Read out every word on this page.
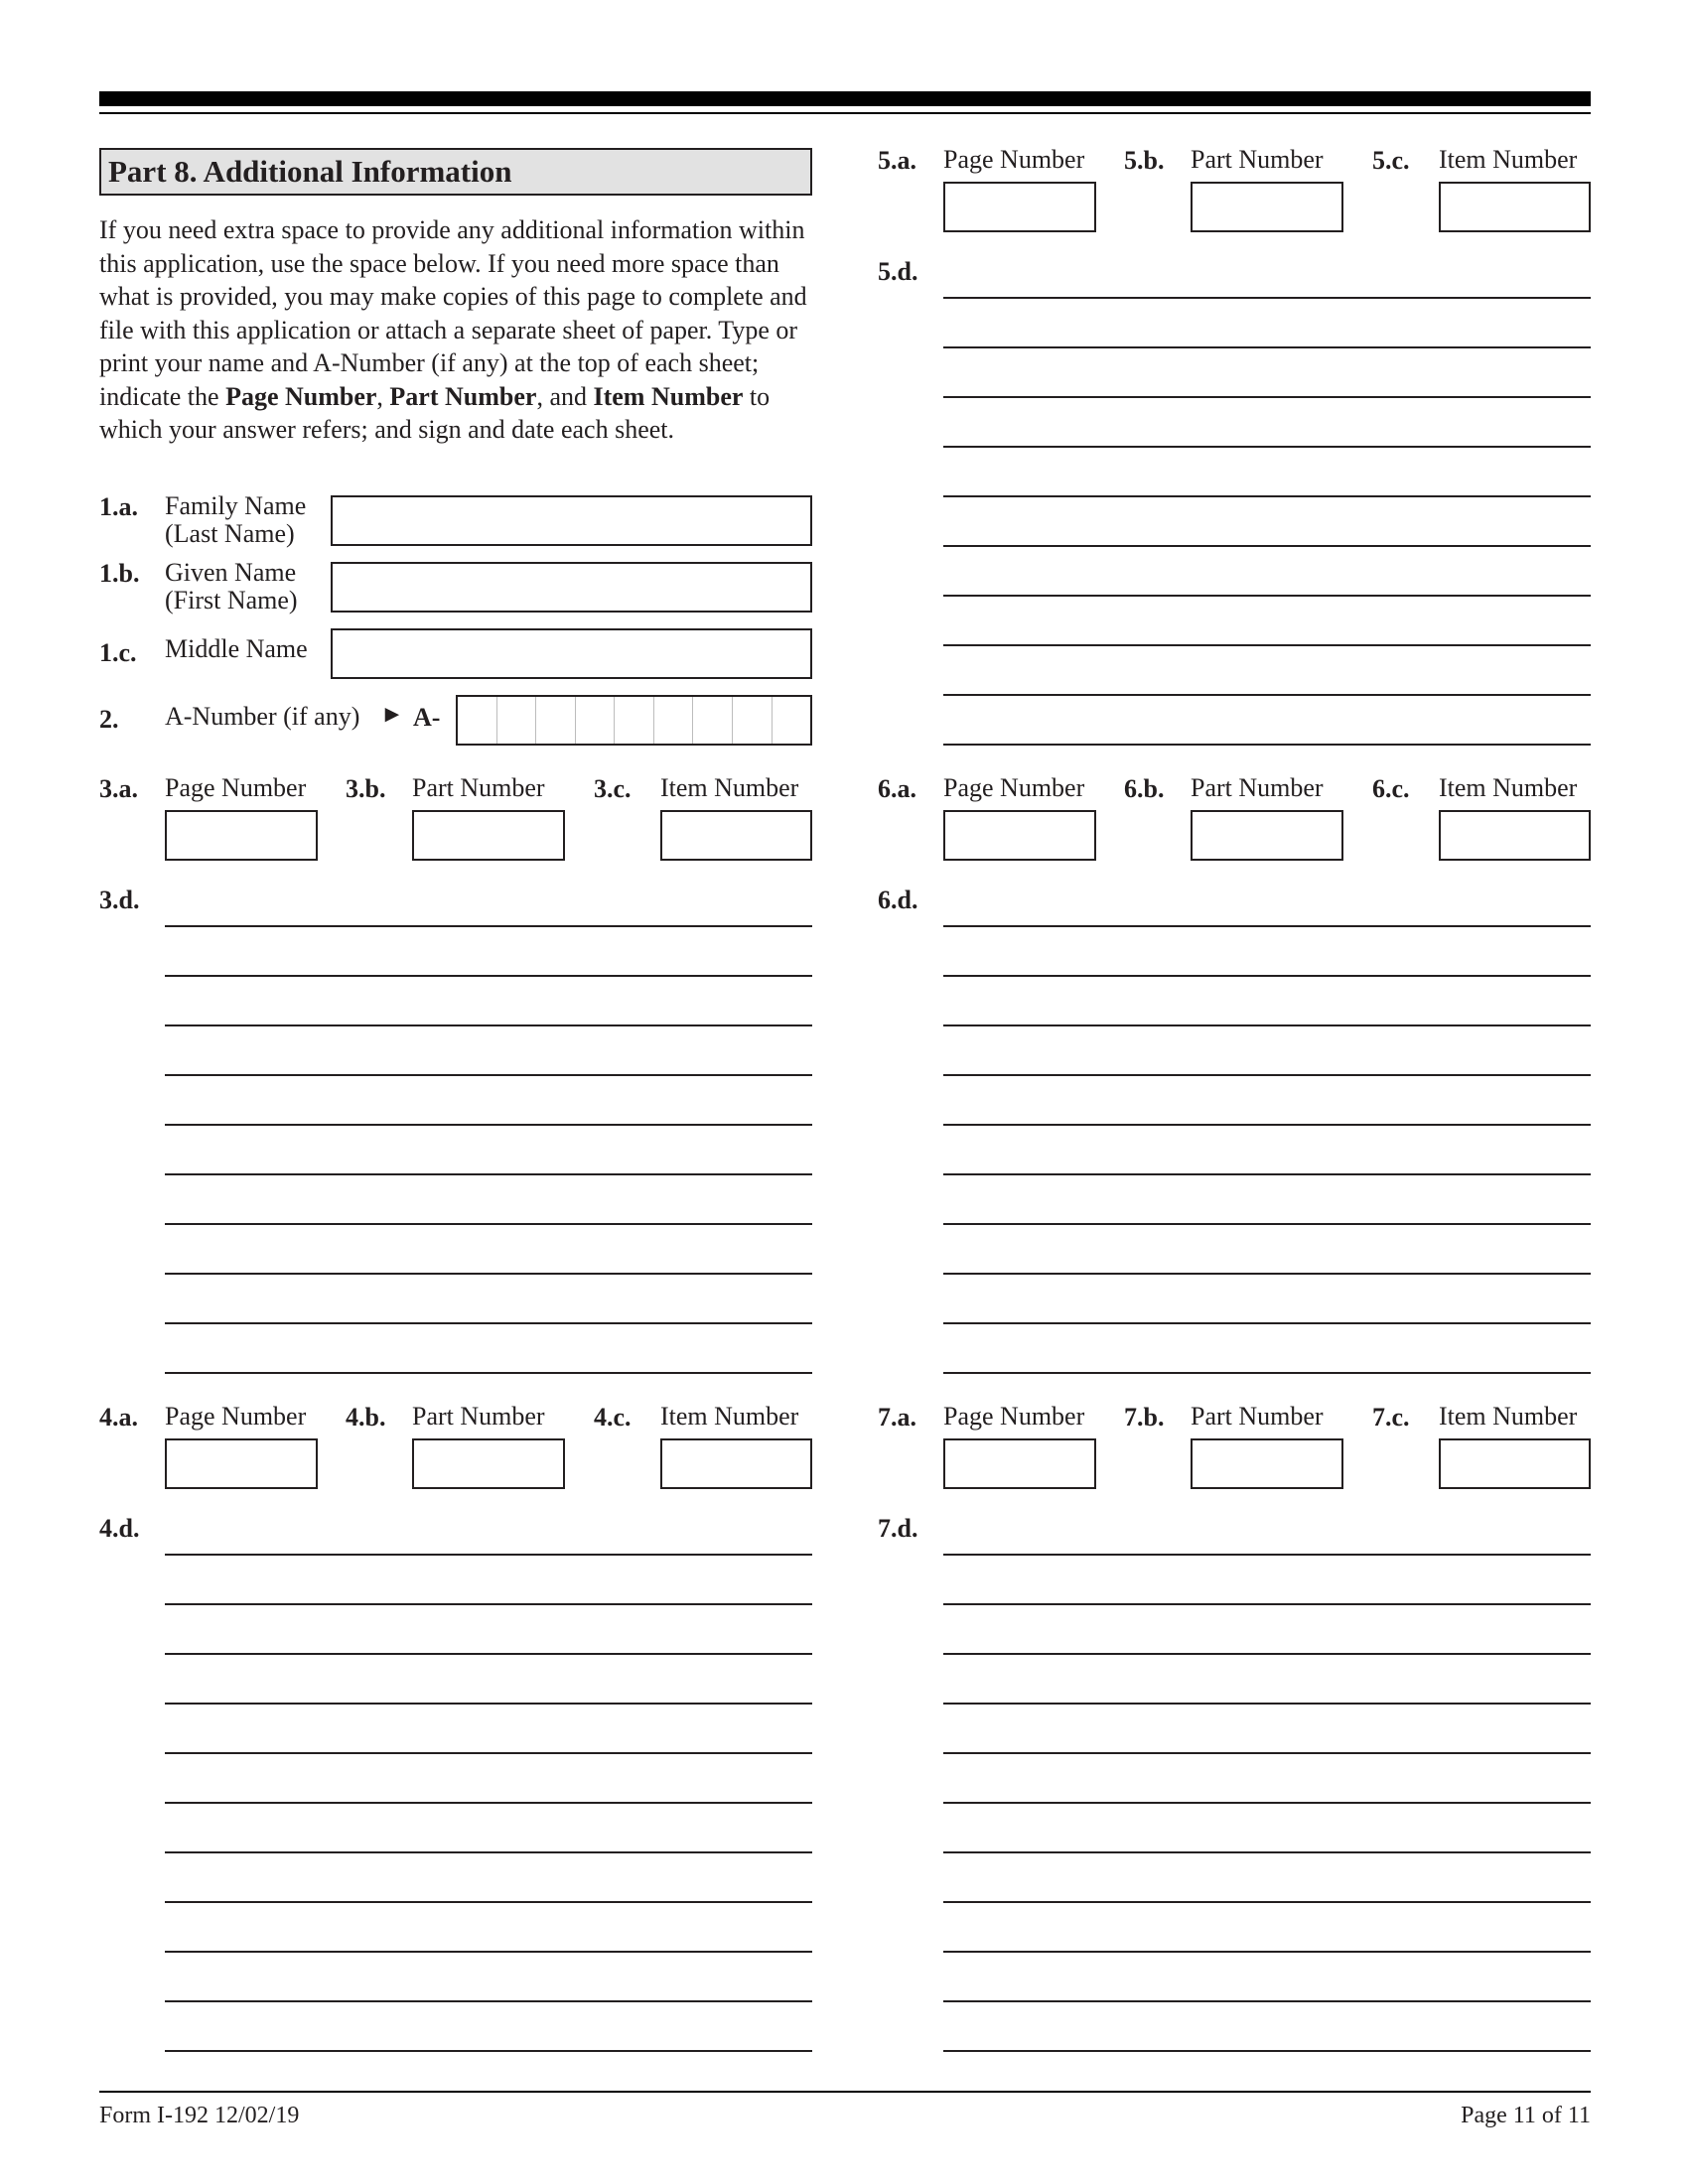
Part 8. Additional Information
If you need extra space to provide any additional information within this application, use the space below. If you need more space than what is provided, you may make copies of this page to complete and file with this application or attach a separate sheet of paper. Type or print your name and A-Number (if any) at the top of each sheet; indicate the Page Number, Part Number, and Item Number to which your answer refers; and sign and date each sheet.
1.a. Family Name
(Last Name)
1.b. Given Name
(First Name)
1.c. Middle Name
2. A-Number (if any) ► A-
3.a. Page Number 3.b. Part Number 3.c. Item Number
3.d.
4.a. Page Number 4.b. Part Number 4.c. Item Number
4.d.
5.a. Page Number 5.b. Part Number 5.c. Item Number
5.d.
6.a. Page Number 6.b. Part Number 6.c. Item Number
6.d.
7.a. Page Number 7.b. Part Number 7.c. Item Number
7.d.
Form I-192 12/02/19	Page 11 of 11
